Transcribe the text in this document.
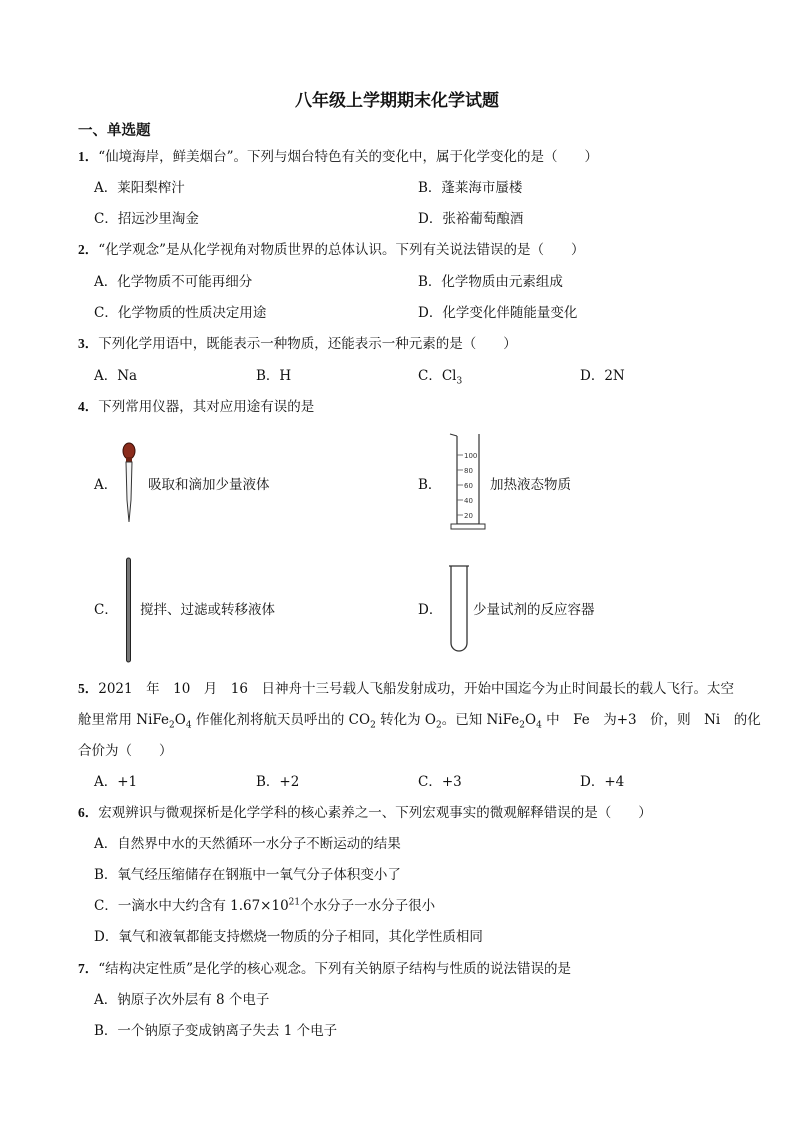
八年级上学期期末化学试题
一、单选题
1．“仙境海岸，鲜美烟台”。下列与烟台特色有关的变化中，属于化学变化的是（　　）
A．莱阳梨榨汁	B．蓬莱海市蜃楼
C．招远沙里淘金	D．张裕葡萄酿酒
2．“化学观念”是从化学视角对物质世界的总体认识。下列有关说法错误的是（　　）
A．化学物质不可能再细分	B．化学物质由元素组成
C．化学物质的性质决定用途	D．化学变化伴随能量变化
3．下列化学用语中，既能表示一种物质，还能表示一种元素的是（　　）
A．Na	B．H	C．$Cl_3$	D．2N
4．下列常用仪器，其对应用途有误的是
A． 吸取和滴加少量液体	B．
100
80
60
40
20
加热液态物质
C． 搅拌、过滤或转移液体	D． 少量试剂的反应容器
5．2021　年　10　月　16　日神舟十三号载人飞船发射成功，开始中国迄今为止时间最长的载人飞行。太空
舱里常用 $NiFe_2O_4$ 作催化剂将航天员呼出的 $CO_2$ 转化为 $O_2$。已知 $NiFe_2O_4$ 中　Fe　为+3　价，则　Ni　的化
合价为（　　）
A．+1	B．+2	C．+3	D．+4
6．宏观辨识与微观探析是化学学科的核心素养之一、下列宏观事实的微观解释错误的是（　　）
A．自然界中水的天然循环一水分子不断运动的结果
B．氧气经压缩储存在钢瓶中一氧气分子体积变小了
C．一滴水中大约含有 $1.67\times 10^{21}$个水分子一水分子很小
D．氧气和液氧都能支持燃烧一物质的分子相同，其化学性质相同
7．“结构决定性质”是化学的核心观念。下列有关钠原子结构与性质的说法错误的是
A．钠原子次外层有 8 个电子
B．一个钠原子变成钠离子失去 1 个电子
